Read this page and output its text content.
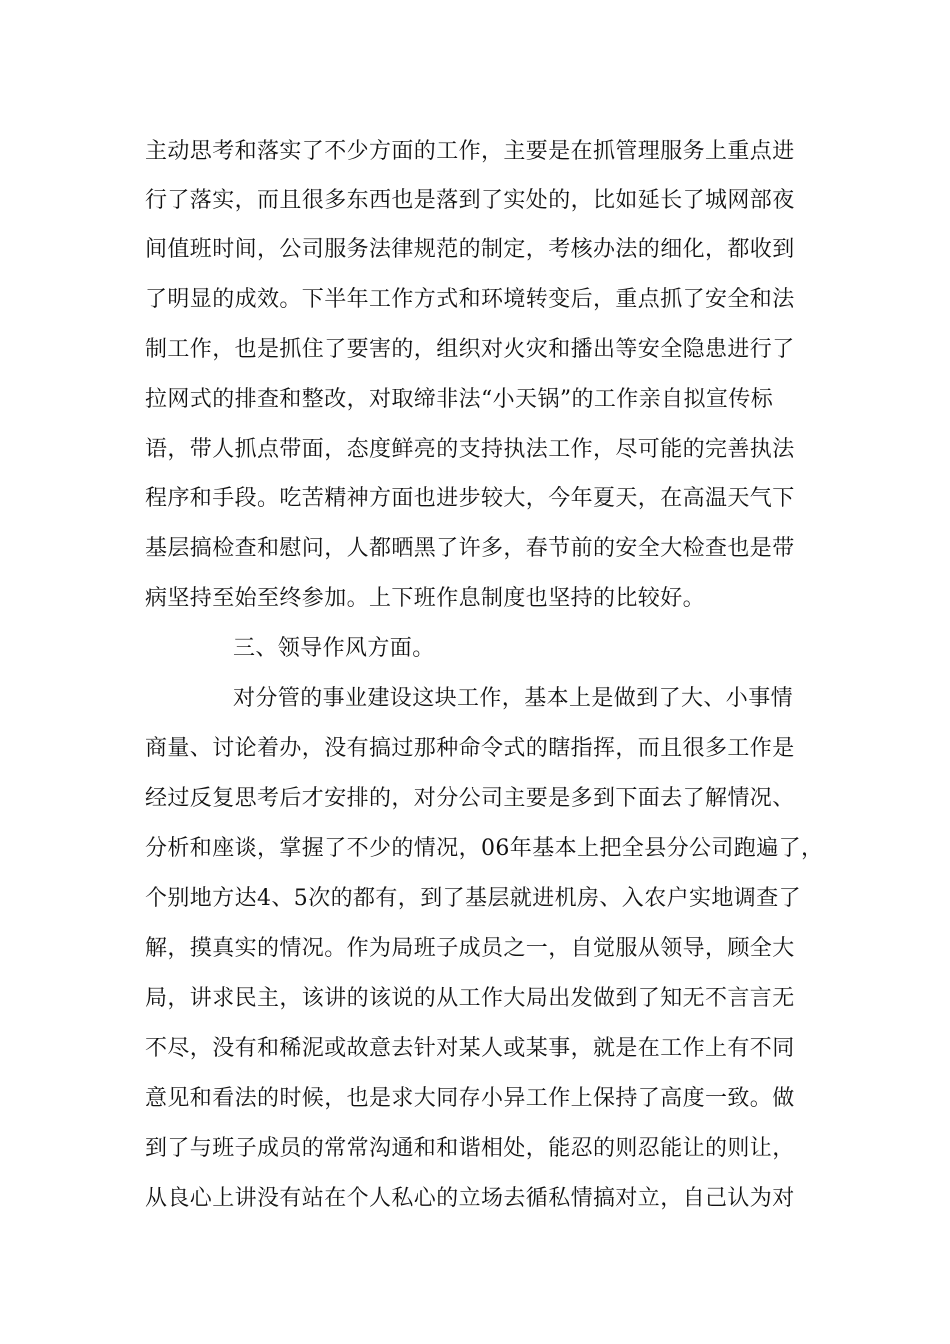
主动思考和落实了不少方面的工作，主要是在抓管理服务上重点进
行了落实，而且很多东西也是落到了实处的，比如延长了城网部夜
间值班时间，公司服务法律规范的制定，考核办法的细化，都收到
了明显的成效。下半年工作方式和环境转变后，重点抓了安全和法
制工作，也是抓住了要害的，组织对火灾和播出等安全隐患进行了
拉网式的排查和整改，对取缔非法“小天锅”的工作亲自拟宣传标
语，带人抓点带面，态度鲜亮的支持执法工作，尽可能的完善执法
程序和手段。吃苦精神方面也进步较大，今年夏天，在高温天气下
基层搞检查和慰问，人都晒黑了许多，春节前的安全大检查也是带
病坚持至始至终参加。上下班作息制度也坚持的比较好。
三、领导作风方面。
对分管的事业建设这块工作，基本上是做到了大、小事情
商量、讨论着办，没有搞过那种命令式的瞎指挥，而且很多工作是
经过反复思考后才安排的，对分公司主要是多到下面去了解情况、
分析和座谈，掌握了不少的情况，06年基本上把全县分公司跑遍了，
个别地方达4、5次的都有，到了基层就进机房、入农户实地调查了
解，摸真实的情况。作为局班子成员之一，自觉服从领导，顾全大
局，讲求民主，该讲的该说的从工作大局出发做到了知无不言言无
不尽，没有和稀泥或故意去针对某人或某事，就是在工作上有不同
意见和看法的时候，也是求大同存小异工作上保持了高度一致。做
到了与班子成员的常常沟通和和谐相处，能忍的则忍能让的则让，
从良心上讲没有站在个人私心的立场去循私情搞对立，自己认为对
